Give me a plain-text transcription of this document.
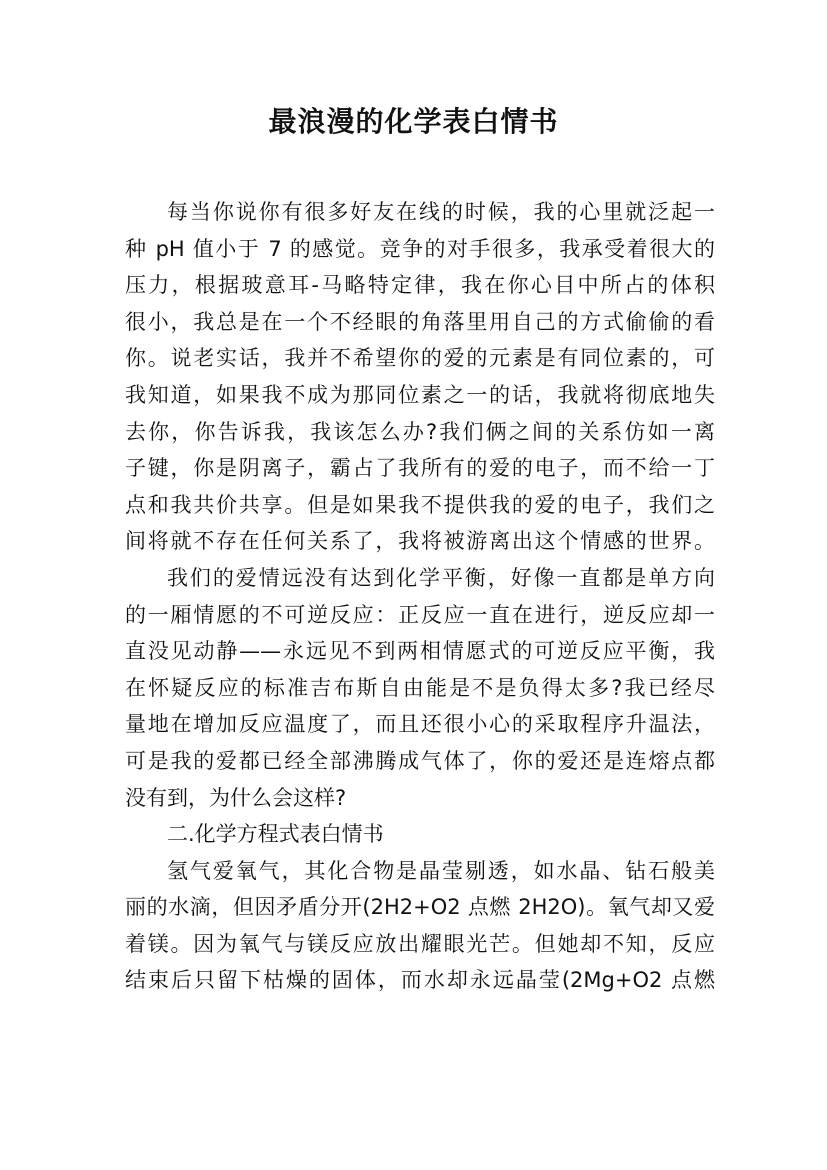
最浪漫的化学表白情书
每当你说你有很多好友在线的时候，我的心里就泛起一
种 pH 值小于 7 的感觉。竞争的对手很多，我承受着很大的
压力，根据玻意耳-马略特定律，我在你心目中所占的体积
很小，我总是在一个不经眼的角落里用自己的方式偷偷的看
你。说老实话，我并不希望你的爱的元素是有同位素的，可
我知道，如果我不成为那同位素之一的话，我就将彻底地失
去你，你告诉我，我该怎么办?我们俩之间的关系仿如一离
子键，你是阴离子，霸占了我所有的爱的电子，而不给一丁
点和我共价共享。但是如果我不提供我的爱的电子，我们之
间将就不存在任何关系了，我将被游离出这个情感的世界。
我们的爱情远没有达到化学平衡，好像一直都是单方向
的一厢情愿的不可逆反应：正反应一直在进行，逆反应却一
直没见动静——永远见不到两相情愿式的可逆反应平衡，我
在怀疑反应的标准吉布斯自由能是不是负得太多?我已经尽
量地在增加反应温度了，而且还很小心的采取程序升温法，
可是我的爱都已经全部沸腾成气体了，你的爱还是连熔点都
没有到，为什么会这样?
二.化学方程式表白情书
氢气爱氧气，其化合物是晶莹剔透，如水晶、钻石般美
丽的水滴，但因矛盾分开(2H2+O2 点燃 2H2O)。氧气却又爱
着镁。因为氧气与镁反应放出耀眼光芒。但她却不知，反应
结束后只留下枯燥的固体，而水却永远晶莹(2Mg+O2 点燃
